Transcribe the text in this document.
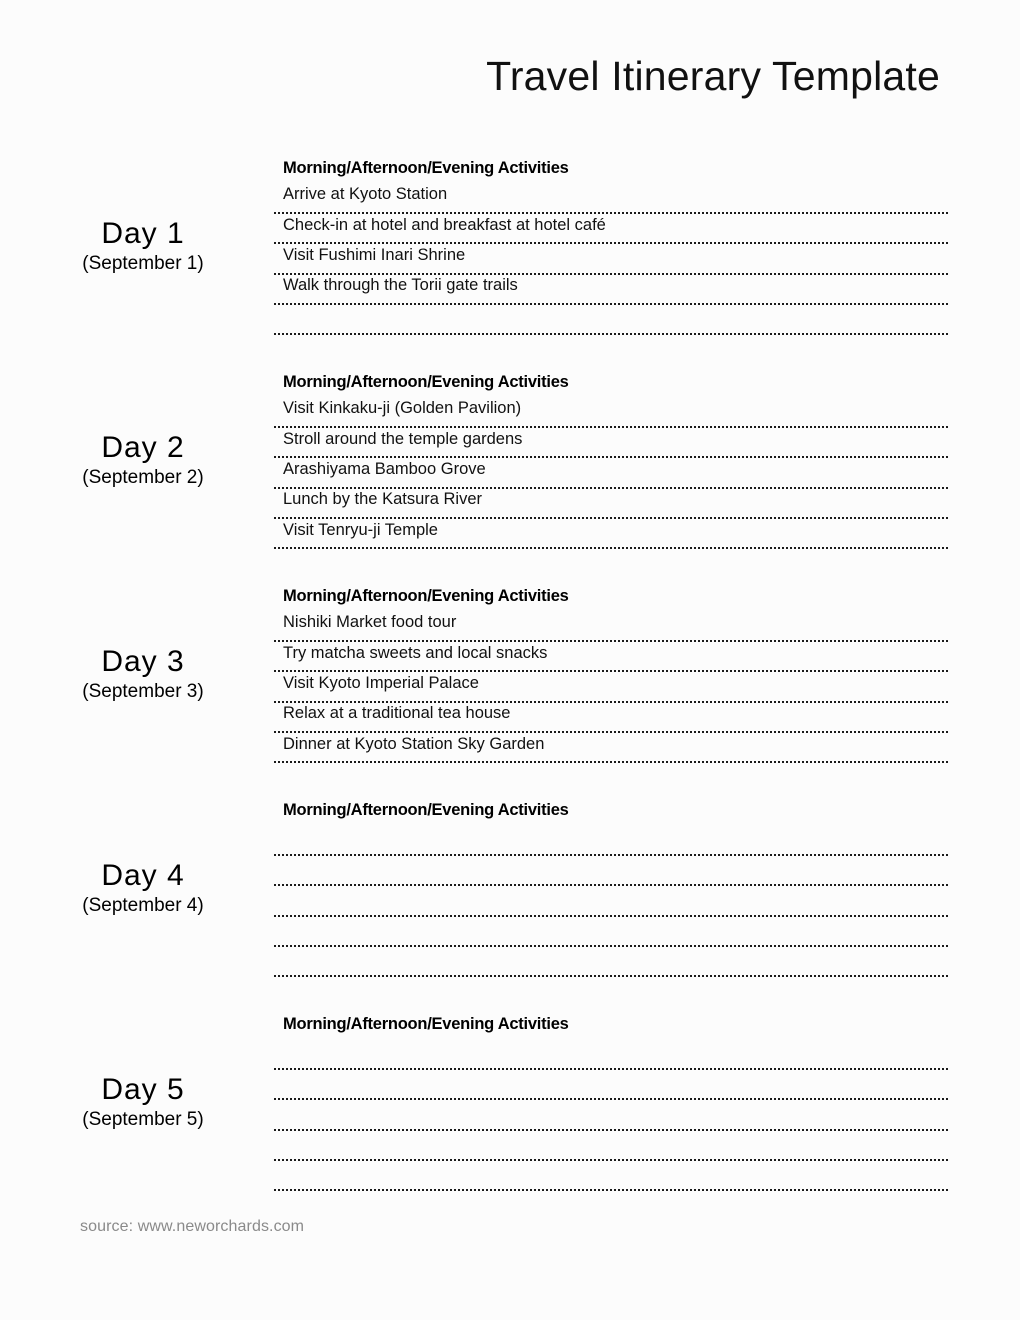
Travel Itinerary Template
Day 1
(September 1)
Morning/Afternoon/Evening Activities
Arrive at Kyoto Station
Check-in at hotel and breakfast at hotel café
Visit Fushimi Inari Shrine
Walk through the Torii gate trails
Day 2
(September 2)
Morning/Afternoon/Evening Activities
Visit Kinkaku-ji (Golden Pavilion)
Stroll around the temple gardens
Arashiyama Bamboo Grove
Lunch by the Katsura River
Visit Tenryu-ji Temple
Day 3
(September 3)
Morning/Afternoon/Evening Activities
Nishiki Market food tour
Try matcha sweets and local snacks
Visit Kyoto Imperial Palace
Relax at a traditional tea house
Dinner at Kyoto Station Sky Garden
Day 4
(September 4)
Morning/Afternoon/Evening Activities
Day 5
(September 5)
Morning/Afternoon/Evening Activities
source: www.neworchards.com
